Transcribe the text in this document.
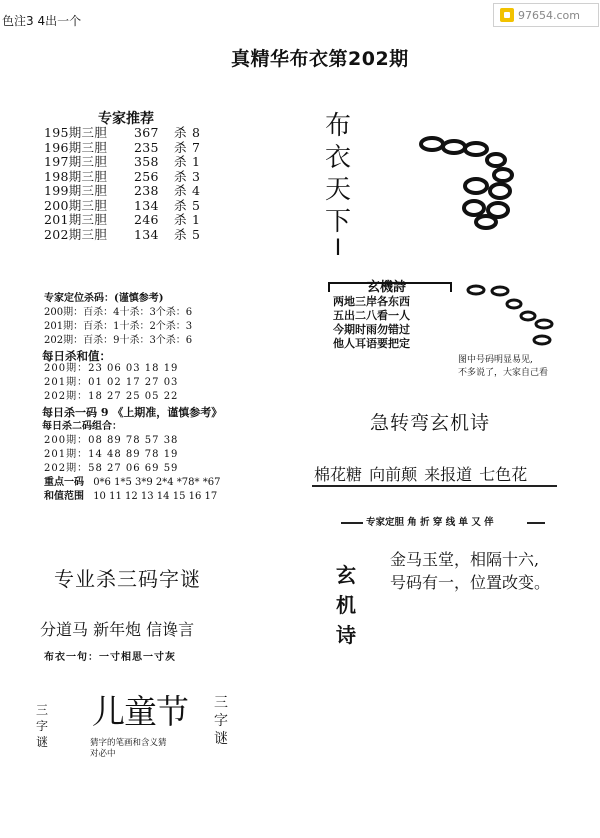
色注3 4出一个	97654.com
真精华布衣第202期
专家推荐
195期三胆 367 杀 8
196期三胆 235 杀 7
197期三胆 358 杀 1
198期三胆 256 杀 3
199期三胆 238 杀 4
200期三胆 134 杀 5
201期三胆 246 杀 1
202期三胆 134 杀 5
专家定位杀码：(谨慎参考)
200期：百杀：4十杀：3个杀：6
201期：百杀：1十杀：2个杀：3
202期：百杀：9十杀：3个杀：6
每日杀和值：
200期：23 06 03 18 19
201期：01 02 17 27 03
202期：18 27 25 05 22
每日杀一码 9 《上期准，谨慎参考》
每日杀二码组合：
200期：08 89 78 57 38
201期：14 48 89 78 19
202期：58 27 06 69 59
重点一码 0*6 1*5 3*9 2*4 *78* *67
和值范围 10 11 12 13 14 15 16 17
布
衣
天
下
I
玄機詩
两地三岸各东西
五出二八看一人
今期时雨勿错过
他人耳语要把定
图中号码明显易见,
不多说了，大家自己看
急转弯玄机诗
棉花糖 向前颠 来报道 七色花
专家定胆 角 折 穿 线 单 又 伴
玄
机
诗
金马玉堂，相隔十六,
号码有一，位置改变。
专业杀三码字谜
分道马 新年炮 信谗言
布衣一句：一寸相思一寸灰
三
字
谜
儿童节
猜字的笔画和含义猜
对必中
三
字
谜
